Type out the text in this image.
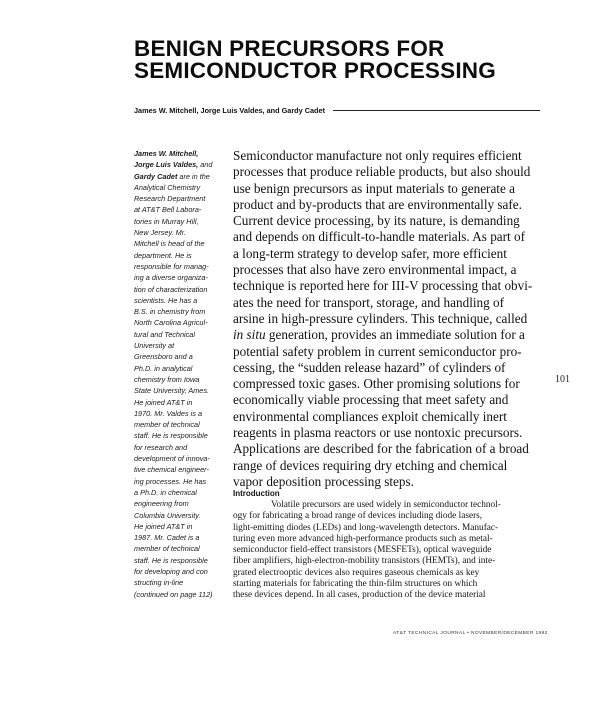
BENIGN PRECURSORS FOR
SEMICONDUCTOR PROCESSING
James W. Mitchell, Jorge Luis Valdes, and Gardy Cadet
James W. Mitchell,
Jorge Luis Valdes, and
Gardy Cadet are in the
Analytical Chemistry
Research Department
at AT&T Bell Labora-
tories in Murray Hill,
New Jersey. Mr.
Mitchell is head of the
department. He is
responsible for manag-
ing a diverse organiza-
tion of characterization
scientists. He has a
B.S. in chemistry from
North Carolina Agricul-
tural and Technical
University at
Greensboro and a
Ph.D. in analytical
chemistry from Iowa
State University, Ames.
He joined AT&T in
1970. Mr. Valdes is a
member of technical
staff. He is responsible
for research and
development of innova-
tive chemical engineer-
ing processes. He has
a Ph.D. in chemical
engineering from
Columbia University.
He joined AT&T in
1987. Mr. Cadet is a
member of technical
staff. He is responsible
for developing and con
structing in-line
(continued on page 112)
Semiconductor manufacture not only requires efficient
processes that produce reliable products, but also should
use benign precursors as input materials to generate a
product and by-products that are environmentally safe.
Current device processing, by its nature, is demanding
and depends on difficult-to-handle materials. As part of
a long-term strategy to develop safer, more efficient
processes that also have zero environmental impact, a
technique is reported here for III-V processing that obvi-
ates the need for transport, storage, and handling of
arsine in high-pressure cylinders. This technique, called
in situ generation, provides an immediate solution for a
potential safety problem in current semiconductor pro-
cessing, the “sudden release hazard” of cylinders of
compressed toxic gases. Other promising solutions for
economically viable processing that meet safety and
environmental compliances exploit chemically inert
reagents in plasma reactors or use nontoxic precursors.
Applications are described for the fabrication of a broad
range of devices requiring dry etching and chemical
vapor deposition processing steps.
101
Introduction
Volatile precursors are used widely in semiconductor technol-
ogy for fabricating a broad range of devices including diode lasers,
light-emitting diodes (LEDs) and long-wavelength detectors. Manufac-
turing even more advanced high-performance products such as metal-
semiconductor field-effect transistors (MESFETs), optical waveguide
fiber amplifiers, high-electron-mobility transistors (HEMTs), and inte-
grated electrooptic devices also requires gaseous chemicals as key
starting materials for fabricating the thin-film structures on which
these devices depend. In all cases, production of the device material
AT&T TECHNICAL JOURNAL • NOVEMBER/DECEMBER 1992
